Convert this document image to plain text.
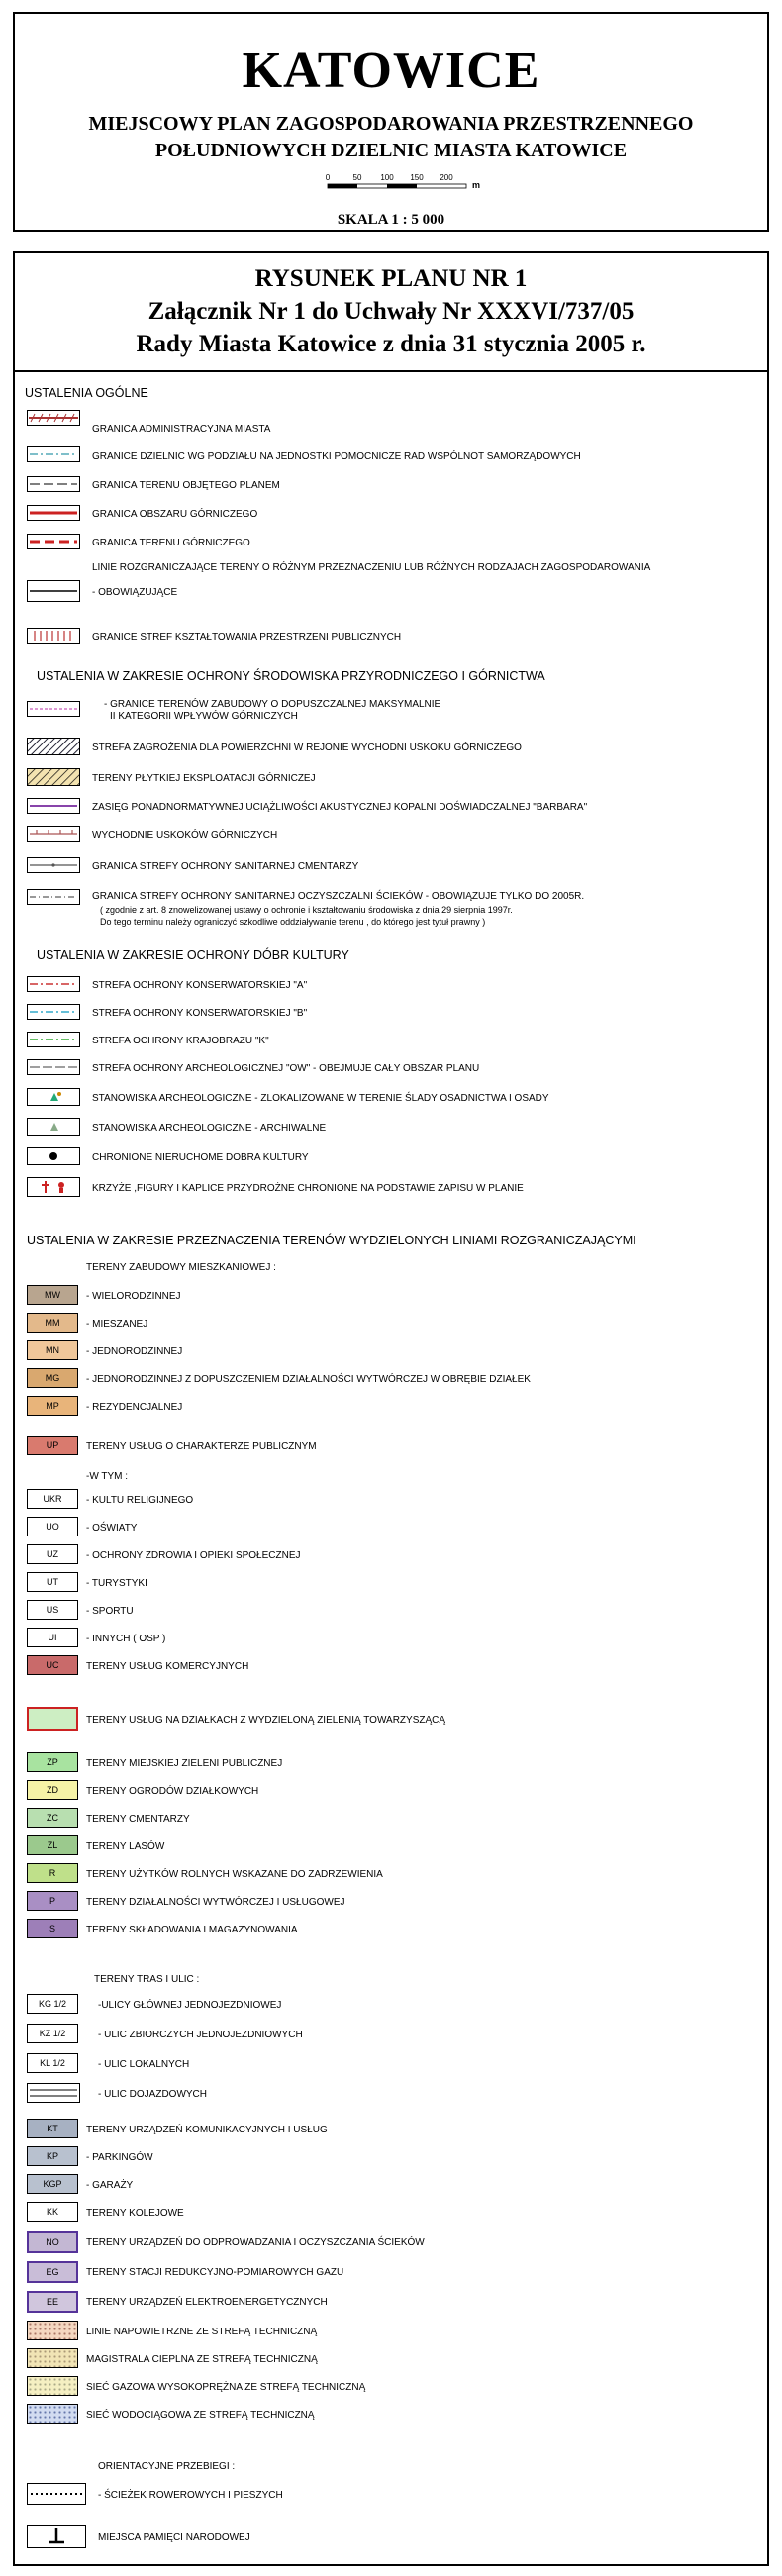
KATOWICE
MIEJSCOWY PLAN ZAGOSPODAROWANIA PRZESTRZENNEGO
POŁUDNIOWYCH DZIELNIC MIASTA KATOWICE
0	50 100 150 200
m
SKALA 1 : 5 000
RYSUNEK PLANU NR 1
Załącznik Nr 1 do Uchwały Nr XXXVI/737/05
Rady Miasta Katowice z dnia 31 stycznia 2005 r.
USTALENIA OGÓLNE
GRANICA ADMINISTRACYJNA MIASTA
GRANICE DZIELNIC WG PODZIAŁU NA JEDNOSTKI POMOCNICZE RAD WSPÓLNOT SAMORZĄDOWYCH
GRANICA TERENU OBJĘTEGO PLANEM
GRANICA OBSZARU GÓRNICZEGO
GRANICA TERENU GÓRNICZEGO
LINIE ROZGRANICZAJĄCE TERENY O RÓŻNYM PRZEZNACZENIU LUB RÓŻNYCH RODZAJACH ZAGOSPODAROWANIA
- OBOWIĄZUJĄCE
GRANICE STREF KSZTAŁTOWANIA PRZESTRZENI PUBLICZNYCH
USTALENIA W ZAKRESIE OCHRONY ŚRODOWISKA PRZYRODNICZEGO I GÓRNICTWA
- GRANICE TERENÓW ZABUDOWY O DOPUSZCZALNEJ MAKSYMALNIE
II KATEGORII WPŁYWÓW GÓRNICZYCH
STREFA ZAGROŻENIA DLA POWIERZCHNI W REJONIE WYCHODNI USKOKU GÓRNICZEGO
TERENY PŁYTKIEJ EKSPLOATACJI GÓRNICZEJ
ZASIĘG PONADNORMATYWNEJ UCIĄŻLIWOŚCI AKUSTYCZNEJ KOPALNI DOŚWIADCZALNEJ "BARBARA"
WYCHODNIE USKOKÓW GÓRNICZYCH
GRANICA STREFY OCHRONY SANITARNEJ CMENTARZY
GRANICA STREFY OCHRONY SANITARNEJ OCZYSZCZALNI ŚCIEKÓW - OBOWIĄZUJE TYLKO DO 2005R.
( zgodnie z art. 8 znowelizowanej ustawy o ochronie i kształtowaniu środowiska z dnia 29 sierpnia 1997r.
Do tego terminu należy ograniczyć szkodliwe oddziaływanie terenu , do którego jest tytuł prawny )
USTALENIA W ZAKRESIE OCHRONY DÓBR KULTURY
STREFA OCHRONY KONSERWATORSKIEJ "A"
STREFA OCHRONY KONSERWATORSKIEJ "B"
STREFA OCHRONY KRAJOBRAZU "K"
STREFA OCHRONY ARCHEOLOGICZNEJ "OW" - OBEJMUJE CAŁY OBSZAR PLANU
STANOWISKA ARCHEOLOGICZNE - ZLOKALIZOWANE W TERENIE ŚLADY OSADNICTWA I OSADY
STANOWISKA ARCHEOLOGICZNE - ARCHIWALNE
CHRONIONE NIERUCHOME DOBRA KULTURY
KRZYŻE ,FIGURY I KAPLICE PRZYDROŻNE CHRONIONE NA PODSTAWIE ZAPISU W PLANIE
USTALENIA W ZAKRESIE PRZEZNACZENIA TERENÓW WYDZIELONYCH LINIAMI ROZGRANICZAJĄCYMI
TERENY ZABUDOWY MIESZKANIOWEJ :
MW	- WIELORODZINNEJ
MM	- MIESZANEJ
MN	- JEDNORODZINNEJ
MG	- JEDNORODZINNEJ Z DOPUSZCZENIEM DZIAŁALNOŚCI WYTWÓRCZEJ W OBRĘBIE DZIAŁEK
MP	- REZYDENCJALNEJ
UP	TERENY USŁUG O CHARAKTERZE PUBLICZNYM
-W TYM :
UKR	- KULTU RELIGIJNEGO
UO	- OŚWIATY
UZ	- OCHRONY ZDROWIA I OPIEKI SPOŁECZNEJ
UT	- TURYSTYKI
US	- SPORTU
UI	- INNYCH ( OSP )
UC	TERENY USŁUG KOMERCYJNYCH
TERENY USŁUG NA DZIAŁKACH Z WYDZIELONĄ ZIELENIĄ TOWARZYSZĄCĄ
ZP	TERENY MIEJSKIEJ ZIELENI PUBLICZNEJ
ZD	TERENY OGRODÓW DZIAŁKOWYCH
ZC	TERENY CMENTARZY
ZL	TERENY LASÓW
R	TERENY UŻYTKÓW ROLNYCH WSKAZANE DO ZADRZEWIENIA
P	TERENY DZIAŁALNOŚCI WYTWÓRCZEJ I USŁUGOWEJ
S	TERENY SKŁADOWANIA I MAGAZYNOWANIA
TERENY TRAS I ULIC :
KG 1/2	-ULICY GŁÓWNEJ JEDNOJEZDNIOWEJ
KZ 1/2	- ULIC ZBIORCZYCH JEDNOJEZDNIOWYCH
KL 1/2	- ULIC LOKALNYCH
- ULIC DOJAZDOWYCH
KT	TERENY URZĄDZEŃ KOMUNIKACYJNYCH I USŁUG
KP	- PARKINGÓW
KGP	- GARAŻY
KK	TERENY KOLEJOWE
NO	TERENY URZĄDZEŃ DO ODPROWADZANIA I OCZYSZCZANIA ŚCIEKÓW
EG	TERENY STACJI REDUKCYJNO-POMIAROWYCH GAZU
EE	TERENY URZĄDZEŃ ELEKTROENERGETYCZNYCH
LINIE NAPOWIETRZNE ZE STREFĄ TECHNICZNĄ
MAGISTRALA CIEPLNA ZE STREFĄ TECHNICZNĄ
SIEĆ GAZOWA WYSOKOPRĘŻNA ZE STREFĄ TECHNICZNĄ
SIEĆ WODOCIĄGOWA ZE STREFĄ TECHNICZNĄ
ORIENTACYJNE PRZEBIEGI :
- ŚCIEŻEK ROWEROWYCH I PIESZYCH
MIEJSCA PAMIĘCI NARODOWEJ
